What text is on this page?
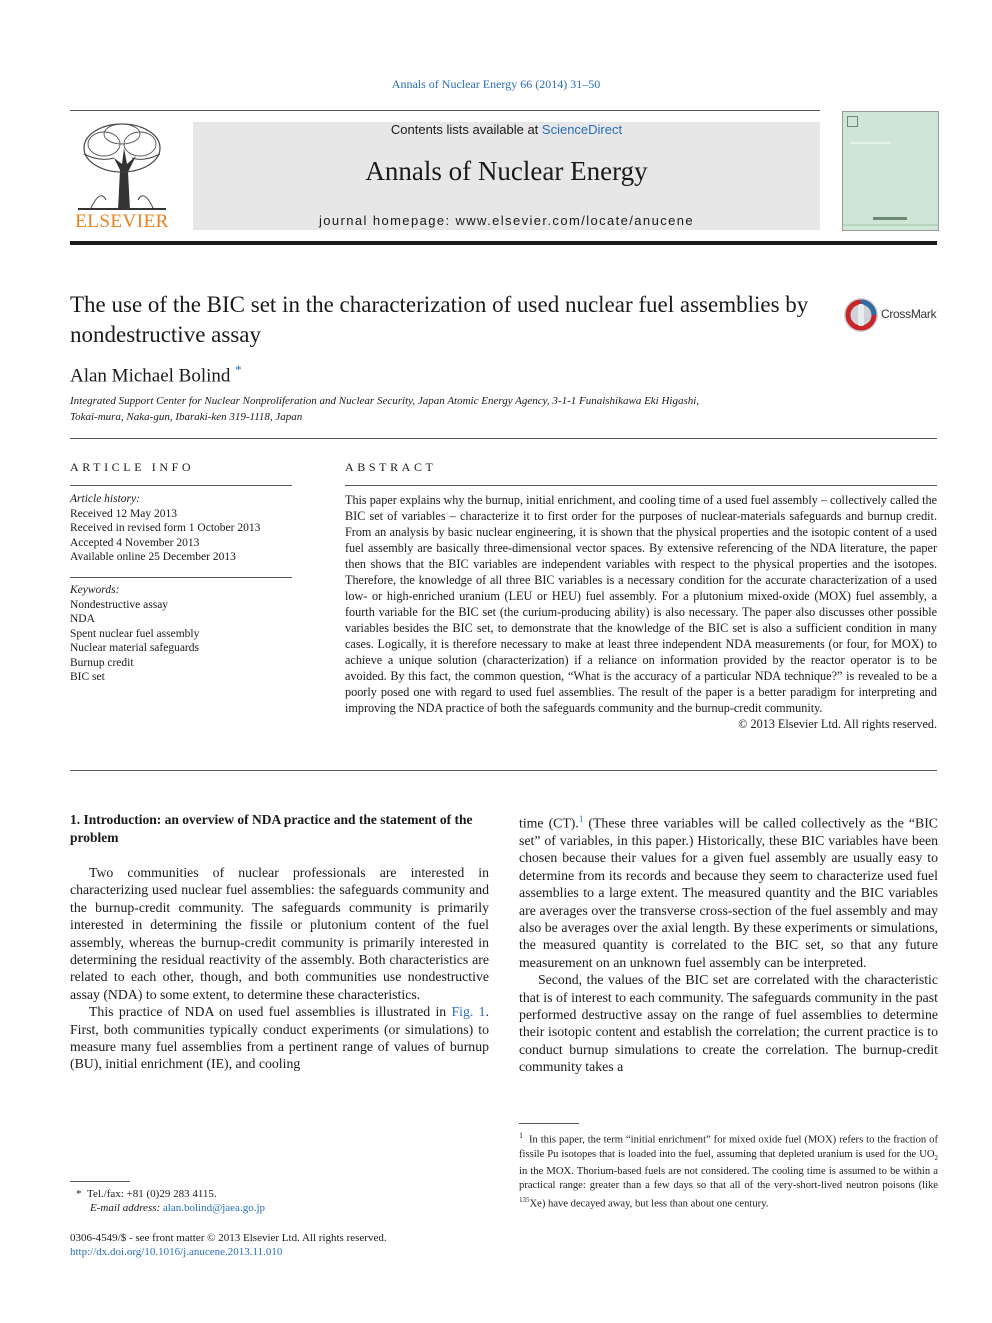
Annals of Nuclear Energy 66 (2014) 31–50
ELSEVIER
Contents lists available at ScienceDirect
Annals of Nuclear Energy
journal homepage: www.elsevier.com/locate/anucene
The use of the BIC set in the characterization of used nuclear fuel assemblies by nondestructive assay
CrossMark
Alan Michael Bolind *
Integrated Support Center for Nuclear Nonproliferation and Nuclear Security, Japan Atomic Energy Agency, 3-1-1 Funaishikawa Eki Higashi,
Tokai-mura, Naka-gun, Ibaraki-ken 319-1118, Japan
ARTICLE INFO
Article history:
Received 12 May 2013
Received in revised form 1 October 2013
Accepted 4 November 2013
Available online 25 December 2013
Keywords:
Nondestructive assay
NDA
Spent nuclear fuel assembly
Nuclear material safeguards
Burnup credit
BIC set
ABSTRACT
This paper explains why the burnup, initial enrichment, and cooling time of a used fuel assembly – collectively called the BIC set of variables – characterize it to first order for the purposes of nuclear-materials safeguards and burnup credit. From an analysis by basic nuclear engineering, it is shown that the physical properties and the isotopic content of a used fuel assembly are basically three-dimensional vector spaces. By extensive referencing of the NDA literature, the paper then shows that the BIC variables are independent variables with respect to the physical properties and the isotopes. Therefore, the knowledge of all three BIC variables is a necessary condition for the accurate characterization of a used low- or high-enriched uranium (LEU or HEU) fuel assembly. For a plutonium mixed-oxide (MOX) fuel assembly, a fourth variable for the BIC set (the curium-producing ability) is also necessary. The paper also discusses other possible variables besides the BIC set, to demonstrate that the knowledge of the BIC set is also a sufficient condition in many cases. Logically, it is therefore necessary to make at least three independent NDA measurements (or four, for MOX) to achieve a unique solution (characterization) if a reliance on information provided by the reactor operator is to be avoided. By this fact, the common question, “What is the accuracy of a particular NDA technique?” is revealed to be a poorly posed one with regard to used fuel assemblies. The result of the paper is a better paradigm for interpreting and improving the NDA practice of both the safeguards community and the burnup-credit community.
© 2013 Elsevier Ltd. All rights reserved.
1. Introduction: an overview of NDA practice and the statement of the problem

Two communities of nuclear professionals are interested in characterizing used nuclear fuel assemblies: the safeguards community and the burnup-credit community. The safeguards community is primarily interested in determining the fissile or plutonium content of the fuel assembly, whereas the burnup-credit community is primarily interested in determining the residual reactivity of the assembly. Both characteristics are related to each other, though, and both communities use nondestructive assay (NDA) to some extent, to determine these characteristics.

This practice of NDA on used fuel assemblies is illustrated in Fig. 1. First, both communities typically conduct experiments (or simulations) to measure many fuel assemblies from a pertinent range of values of burnup (BU), initial enrichment (IE), and cooling

time (CT).$^1$ (These three variables will be called collectively as the “BIC set” of variables, in this paper.) Historically, these BIC variables have been chosen because their values for a given fuel assembly are usually easy to determine from its records and because they seem to characterize used fuel assemblies to a large extent. The measured quantity and the BIC variables are averages over the transverse cross-section of the fuel assembly and may also be averages over the axial length. By these experiments or simulations, the measured quantity is correlated to the BIC set, so that any future measurement on an unknown fuel assembly can be interpreted.

Second, the values of the BIC set are correlated with the characteristic that is of interest to each community. The safeguards community in the past performed destructive assay on the range of fuel assemblies to determine their isotopic content and establish the correlation; the current practice is to conduct burnup simulations to create the correlation. The burnup-credit community takes a

$^1$ In this paper, the term “initial enrichment” for mixed oxide fuel (MOX) refers to the fraction of fissile Pu isotopes that is loaded into the fuel, assuming that depleted uranium is used for the $UO_2$ in the MOX. Thorium-based fuels are not considered. The cooling time is assumed to be within a practical range: greater than a few days so that all of the very-short-lived neutron poisons (like $^{135}$Xe) have decayed away, but less than about one century.
* Tel./fax: +81 (0)29 283 4115.
E-mail address: alan.bolind@jaea.go.jp
0306-4549/$ - see front matter © 2013 Elsevier Ltd. All rights reserved.
http://dx.doi.org/10.1016/j.anucene.2013.11.010
